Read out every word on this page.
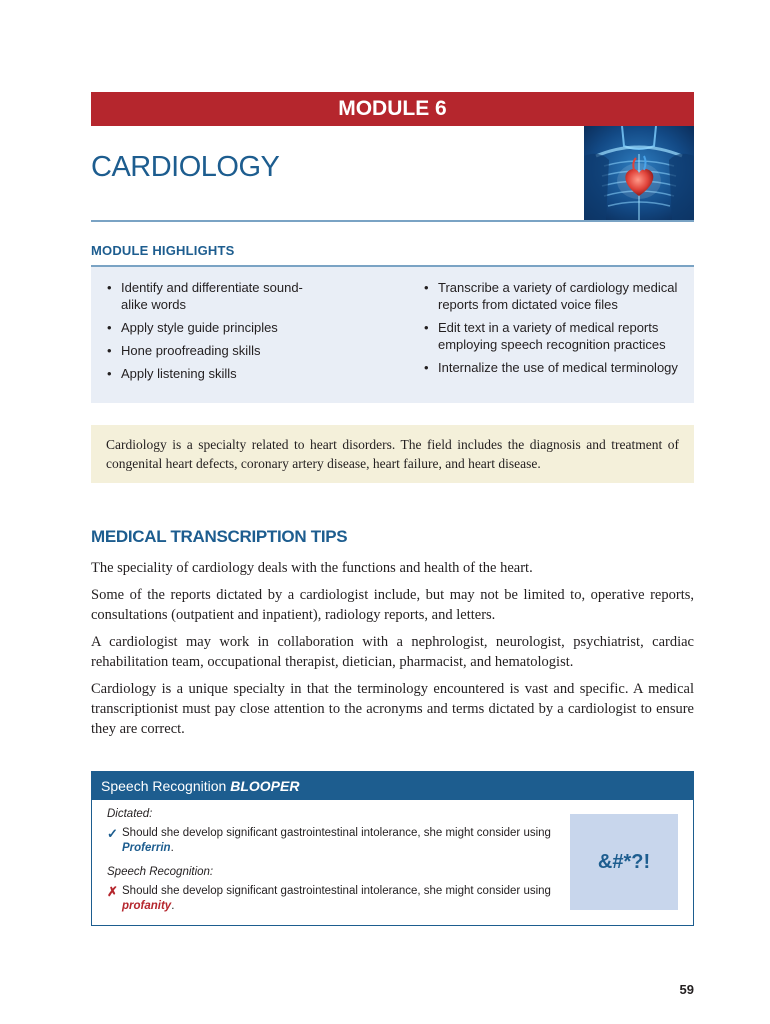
MODULE 6
CARDIOLOGY
MODULE HIGHLIGHTS
• Identify and differentiate sound-alike words
• Apply style guide principles
• Hone proofreading skills
• Apply listening skills
• Transcribe a variety of cardiology medical reports from dictated voice files
• Edit text in a variety of medical reports employing speech recognition practices
• Internalize the use of medical terminology

Cardiology is a specialty related to heart disorders. The field includes the diagnosis and treatment of congenital heart defects, coronary artery disease, heart failure, and heart disease.

MEDICAL TRANSCRIPTION TIPS

The speciality of cardiology deals with the functions and health of the heart.

Some of the reports dictated by a cardiologist include, but may not be limited to, operative reports, consultations (outpatient and inpatient), radiology reports, and letters.

A cardiologist may work in collaboration with a nephrologist, neurologist, psychiatrist, cardiac rehabilitation team, occupational therapist, dietician, pharmacist, and hematologist.

Cardiology is a unique specialty in that the terminology encountered is vast and specific. A medical transcriptionist must pay close attention to the acronyms and terms dictated by a cardiologist to ensure they are correct.

Speech Recognition BLOOPER
Dictated:
✓ Should she develop significant gastrointestinal intolerance, she might consider using Proferrin.
Speech Recognition:
✗ Should she develop significant gastrointestinal intolerance, she might consider using profanity.
&#*?!
59
